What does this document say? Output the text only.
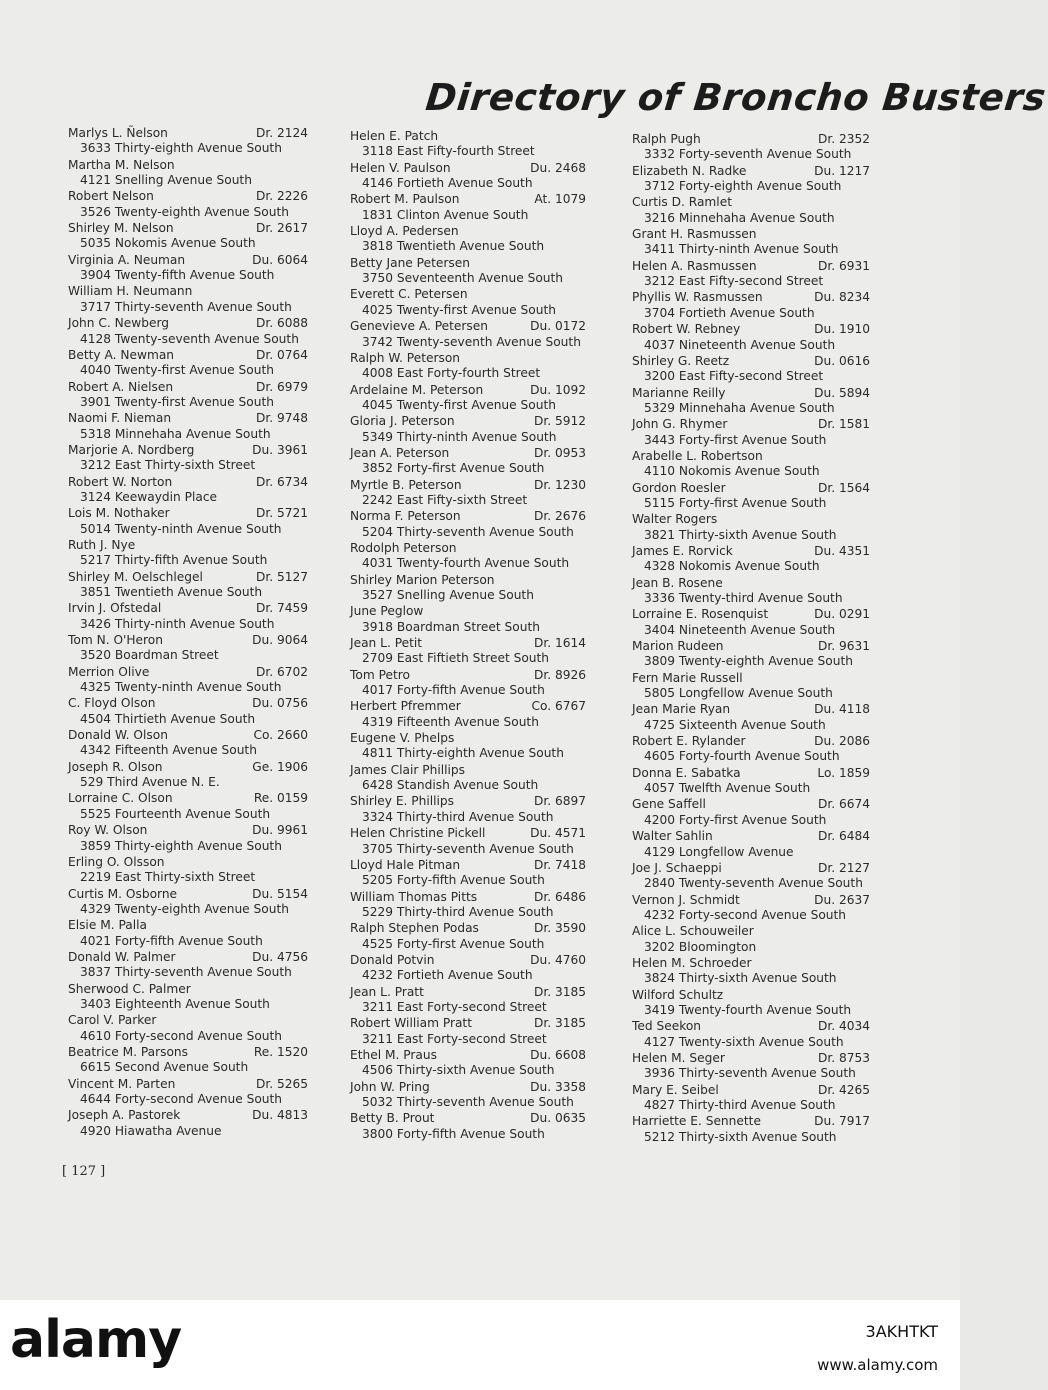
Directory of Broncho Busters
Marlys L. Ñelson	Dr. 2124
3633 Thirty-eighth Avenue South
Martha M. Nelson
4121 Snelling Avenue South
Robert Nelson	Dr. 2226
3526 Twenty-eighth Avenue South
Shirley M. Nelson	Dr. 2617
5035 Nokomis Avenue South
Virginia A. Neuman	Du. 6064
3904 Twenty-fifth Avenue South
William H. Neumann
3717 Thirty-seventh Avenue South
John C. Newberg	Dr. 6088
4128 Twenty-seventh Avenue South
Betty A. Newman	Dr. 0764
4040 Twenty-first Avenue South
Robert A. Nielsen	Dr. 6979
3901 Twenty-first Avenue South
Naomi F. Nieman	Dr. 9748
5318 Minnehaha Avenue South
Marjorie A. Nordberg	Du. 3961
3212 East Thirty-sixth Street
Robert W. Norton	Dr. 6734
3124 Keewaydin Place
Lois M. Nothaker	Dr. 5721
5014 Twenty-ninth Avenue South
Ruth J. Nye
5217 Thirty-fifth Avenue South
Shirley M. Oelschlegel	Dr. 5127
3851 Twentieth Avenue South
Irvin J. Ofstedal	Dr. 7459
3426 Thirty-ninth Avenue South
Tom N. O'Heron	Du. 9064
3520 Boardman Street
Merrion Olive	Dr. 6702
4325 Twenty-ninth Avenue South
C. Floyd Olson	Du. 0756
4504 Thirtieth Avenue South
Donald W. Olson	Co. 2660
4342 Fifteenth Avenue South
Joseph R. Olson	Ge. 1906
529 Third Avenue N. E.
Lorraine C. Olson	Re. 0159
5525 Fourteenth Avenue South
Roy W. Olson	Du. 9961
3859 Thirty-eighth Avenue South
Erling O. Olsson
2219 East Thirty-sixth Street
Curtis M. Osborne	Du. 5154
4329 Twenty-eighth Avenue South
Elsie M. Palla
4021 Forty-fifth Avenue South
Donald W. Palmer	Du. 4756
3837 Thirty-seventh Avenue South
Sherwood C. Palmer
3403 Eighteenth Avenue South
Carol V. Parker
4610 Forty-second Avenue South
Beatrice M. Parsons	Re. 1520
6615 Second Avenue South
Vincent M. Parten	Dr. 5265
4644 Forty-second Avenue South
Joseph A. Pastorek	Du. 4813
4920 Hiawatha Avenue
Helen E. Patch
3118 East Fifty-fourth Street
Helen V. Paulson	Du. 2468
4146 Fortieth Avenue South
Robert M. Paulson	At. 1079
1831 Clinton Avenue South
Lloyd A. Pedersen
3818 Twentieth Avenue South
Betty Jane Petersen
3750 Seventeenth Avenue South
Everett C. Petersen
4025 Twenty-first Avenue South
Genevieve A. Petersen	Du. 0172
3742 Twenty-seventh Avenue South
Ralph W. Peterson
4008 East Forty-fourth Street
Ardelaine M. Peterson	Du. 1092
4045 Twenty-first Avenue South
Gloria J. Peterson	Dr. 5912
5349 Thirty-ninth Avenue South
Jean A. Peterson	Dr. 0953
3852 Forty-first Avenue South
Myrtle B. Peterson	Dr. 1230
2242 East Fifty-sixth Street
Norma F. Peterson	Dr. 2676
5204 Thirty-seventh Avenue South
Rodolph Peterson
4031 Twenty-fourth Avenue South
Shirley Marion Peterson
3527 Snelling Avenue South
June Peglow
3918 Boardman Street South
Jean L. Petit	Dr. 1614
2709 East Fiftieth Street South
Tom Petro	Dr. 8926
4017 Forty-fifth Avenue South
Herbert Pfremmer	Co. 6767
4319 Fifteenth Avenue South
Eugene V. Phelps
4811 Thirty-eighth Avenue South
James Clair Phillips
6428 Standish Avenue South
Shirley E. Phillips	Dr. 6897
3324 Thirty-third Avenue South
Helen Christine Pickell	Du. 4571
3705 Thirty-seventh Avenue South
Lloyd Hale Pitman	Dr. 7418
5205 Forty-fifth Avenue South
William Thomas Pitts	Dr. 6486
5229 Thirty-third Avenue South
Ralph Stephen Podas	Dr. 3590
4525 Forty-first Avenue South
Donald Potvin	Du. 4760
4232 Fortieth Avenue South
Jean L. Pratt	Dr. 3185
3211 East Forty-second Street
Robert William Pratt	Dr. 3185
3211 East Forty-second Street
Ethel M. Praus	Du. 6608
4506 Thirty-sixth Avenue South
John W. Pring	Du. 3358
5032 Thirty-seventh Avenue South
Betty B. Prout	Du. 0635
3800 Forty-fifth Avenue South
Ralph Pugh	Dr. 2352
3332 Forty-seventh Avenue South
Elizabeth N. Radke	Du. 1217
3712 Forty-eighth Avenue South
Curtis D. Ramlet
3216 Minnehaha Avenue South
Grant H. Rasmussen
3411 Thirty-ninth Avenue South
Helen A. Rasmussen	Dr. 6931
3212 East Fifty-second Street
Phyllis W. Rasmussen	Du. 8234
3704 Fortieth Avenue South
Robert W. Rebney	Du. 1910
4037 Nineteenth Avenue South
Shirley G. Reetz	Du. 0616
3200 East Fifty-second Street
Marianne Reilly	Du. 5894
5329 Minnehaha Avenue South
John G. Rhymer	Dr. 1581
3443 Forty-first Avenue South
Arabelle L. Robertson
4110 Nokomis Avenue South
Gordon Roesler	Dr. 1564
5115 Forty-first Avenue South
Walter Rogers
3821 Thirty-sixth Avenue South
James E. Rorvick	Du. 4351
4328 Nokomis Avenue South
Jean B. Rosene
3336 Twenty-third Avenue South
Lorraine E. Rosenquist	Du. 0291
3404 Nineteenth Avenue South
Marion Rudeen	Dr. 9631
3809 Twenty-eighth Avenue South
Fern Marie Russell
5805 Longfellow Avenue South
Jean Marie Ryan	Du. 4118
4725 Sixteenth Avenue South
Robert E. Rylander	Du. 2086
4605 Forty-fourth Avenue South
Donna E. Sabatka	Lo. 1859
4057 Twelfth Avenue South
Gene Saffell	Dr. 6674
4200 Forty-first Avenue South
Walter Sahlin	Dr. 6484
4129 Longfellow Avenue
Joe J. Schaeppi	Dr. 2127
2840 Twenty-seventh Avenue South
Vernon J. Schmidt	Du. 2637
4232 Forty-second Avenue South
Alice L. Schouweiler
3202 Bloomington
Helen M. Schroeder
3824 Thirty-sixth Avenue South
Wilford Schultz
3419 Twenty-fourth Avenue South
Ted Seekon	Dr. 4034
4127 Twenty-sixth Avenue South
Helen M. Seger	Dr. 8753
3936 Thirty-seventh Avenue South
Mary E. Seibel	Dr. 4265
4827 Thirty-third Avenue South
Harriette E. Sennette	Du. 7917
5212 Thirty-sixth Avenue South
[ 127 ]
alamy	3AKHTKT
www.alamy.com
